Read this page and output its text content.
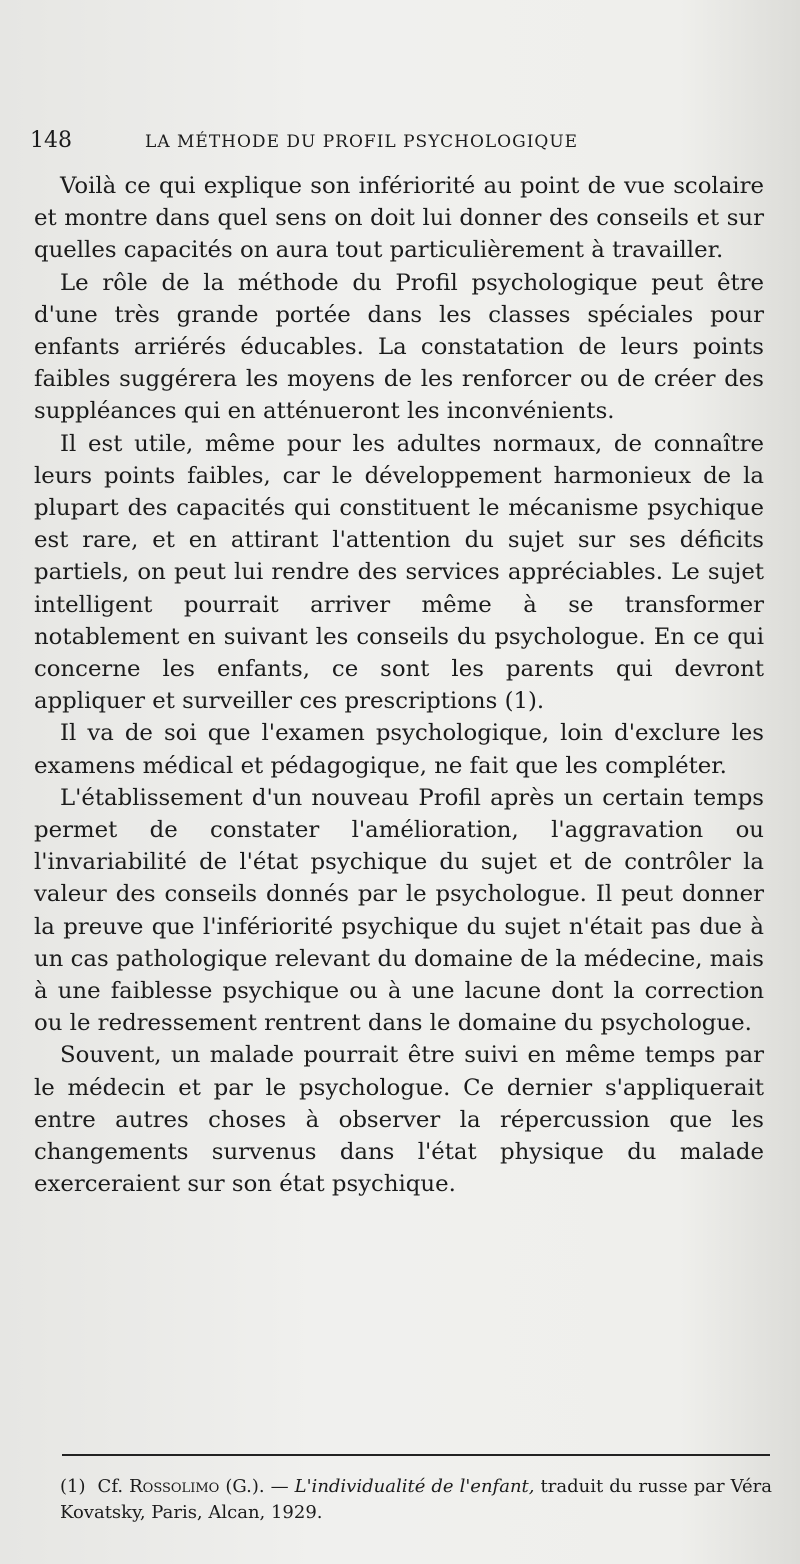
148	LA MÉTHODE DU PROFIL PSYCHOLOGIQUE

Voilà ce qui explique son infériorité au point de vue scolaire et montre dans quel sens on doit lui donner des conseils et sur quelles capacités on aura tout particulièrement à travailler.

Le rôle de la méthode du Profil psychologique peut être d'une très grande portée dans les classes spéciales pour enfants arriérés éducables. La constatation de leurs points faibles suggérera les moyens de les renforcer ou de créer des suppléances qui en atténueront les inconvénients.

Il est utile, même pour les adultes normaux, de connaître leurs points faibles, car le développement harmonieux de la plupart des capacités qui constituent le mécanisme psychique est rare, et en attirant l'attention du sujet sur ses déficits partiels, on peut lui rendre des services appréciables. Le sujet intelligent pourrait arriver même à se transformer notablement en suivant les conseils du psychologue. En ce qui concerne les enfants, ce sont les parents qui devront appliquer et surveiller ces prescriptions (1).

Il va de soi que l'examen psychologique, loin d'exclure les examens médical et pédagogique, ne fait que les compléter.

L'établissement d'un nouveau Profil après un certain temps permet de constater l'amélioration, l'aggravation ou l'invariabilité de l'état psychique du sujet et de contrôler la valeur des conseils donnés par le psychologue. Il peut donner la preuve que l'infériorité psychique du sujet n'était pas due à un cas pathologique relevant du domaine de la médecine, mais à une faiblesse psychique ou à une lacune dont la correction ou le redressement rentrent dans le domaine du psychologue.

Souvent, un malade pourrait être suivi en même temps par le médecin et par le psychologue. Ce dernier s'appliquerait entre autres choses à observer la répercussion que les changements survenus dans l'état physique du malade exerceraient sur son état psychique.

(1) Cf. Rossolimo (G.). — L'individualité de l'enfant, traduit du russe par Véra Kovatsky, Paris, Alcan, 1929.
